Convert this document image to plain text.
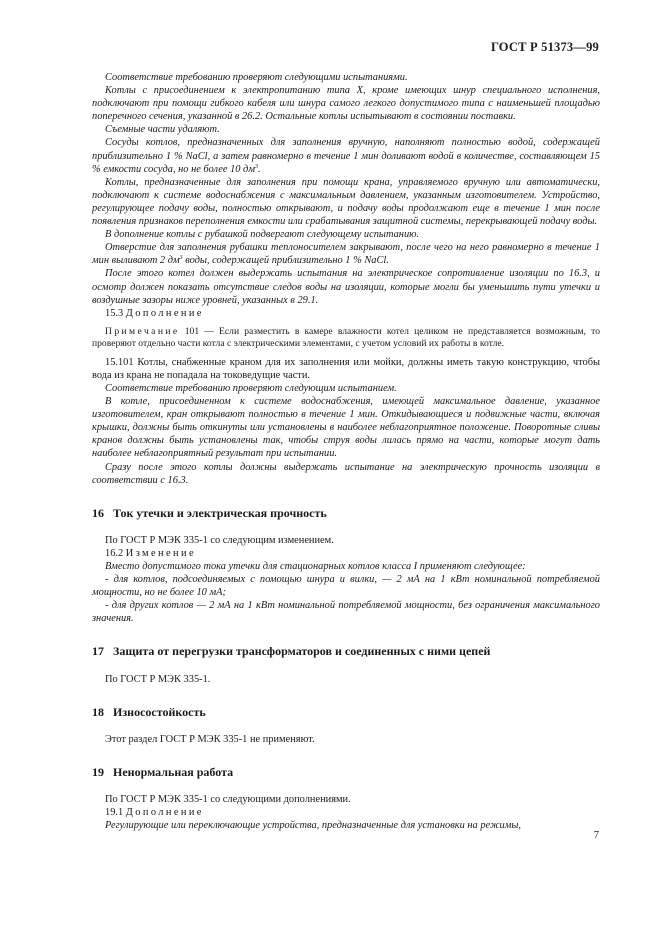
ГОСТ Р 51373—99

Соответствие требованию проверяют следующими испытаниями.

Котлы с присоединением к электропитанию типа X, кроме имеющих шнур специального исполнения, подключают при помощи гибкого кабеля или шнура самого легкого допустимого типа с наименьшей площадью поперечного сечения, указанной в 26.2. Остальные котлы испытывают в состоянии поставки.

Съемные части удаляют.

Сосуды котлов, предназначенных для заполнения вручную, наполняют полностью водой, содержащей приблизительно 1 % NaCl, а затем равномерно в течение 1 мин доливают водой в количестве, составляющем 15 % емкости сосуда, но не более 10 $дм^3$.

Котлы, предназначенные для заполнения при помощи крана, управляемого вручную или автоматически, подключают к системе водоснабжения с максимальным давлением, указанным изготовителем. Устройство, регулирующее подачу воды, полностью открывают, и подачу воды продолжают еще в течение 1 мин после появления признаков переполнения емкости или срабатывания защитной системы, перекрывающей подачу воды.

В дополнение котлы с рубашкой подвергают следующему испытанию.

Отверстие для заполнения рубашки теплоносителем закрывают, после чего на него равномерно в течение 1 мин выливают 2 $дм^3$ воды, содержащей приблизительно 1 % NaCl.

После этого котел должен выдержать испытания на электрическое сопротивление изоляции по 16.3, и осмотр должен показать отсутствие следов воды на изоляции, которые могли бы уменьшить пути утечки и воздушные зазоры ниже уровней, указанных в 29.1.

15.3 Дополнение

Примечание 101 — Если разместить в камере влажности котел целиком не представляется возможным, то проверяют отдельно части котла с электрическими элементами, с учетом условий их работы в котле.

15.101 Котлы, снабженные краном для их заполнения или мойки, должны иметь такую конструкцию, чтобы вода из крана не попадала на токоведущие части.

Соответствие требованию проверяют следующим испытанием.

В котле, присоединенном к системе водоснабжения, имеющей максимальное давление, указанное изготовителем, кран открывают полностью в течение 1 мин. Откидывающиеся и подвижные части, включая крышки, должны быть откинуты или установлены в наиболее неблагоприятное положение. Поворотные сливы кранов должны быть установлены так, чтобы струя воды лилась прямо на части, которые могут дать наиболее неблагоприятный результат при испытании.

Сразу после этого котлы должны выдержать испытание на электрическую прочность изоляции в соответствии с 16.3.

16 Ток утечки и электрическая прочность

По ГОСТ Р МЭК 335-1 со следующим изменением.

16.2 Изменение

Вместо допустимого тока утечки для стационарных котлов класса I применяют следующее:

- для котлов, подсоединяемых с помощью шнура и вилки, — 2 мА на 1 кВт номинальной потребляемой мощности, но не более 10 мА;

- для других котлов — 2 мА на 1 кВт номинальной потребляемой мощности, без ограничения максимального значения.

17 Защита от перегрузки трансформаторов и соединенных с ними цепей

По ГОСТ Р МЭК 335-1.

18 Износостойкость

Этот раздел ГОСТ Р МЭК 335-1 не применяют.

19 Ненормальная работа

По ГОСТ Р МЭК 335-1 со следующими дополнениями.

19.1 Дополнение

Регулирующие или переключающие устройства, предназначенные для установки на режимы,

7
